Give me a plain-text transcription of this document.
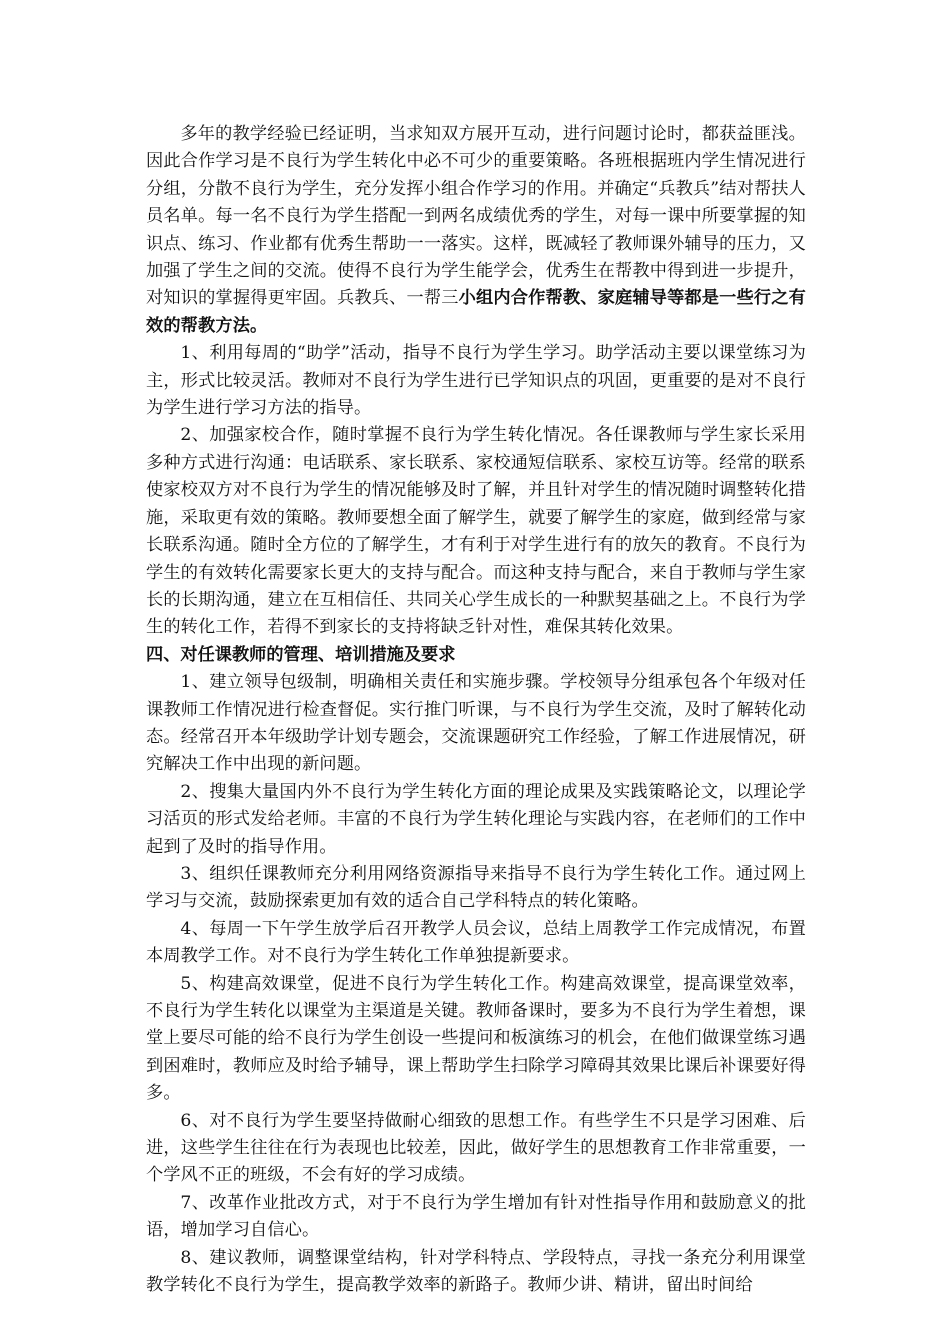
多年的教学经验已经证明，当求知双方展开互动，进行问题讨论时，都获益匪浅。因此合作学习是不良行为学生转化中必不可少的重要策略。各班根据班内学生情况进行分组，分散不良行为学生，充分发挥小组合作学习的作用。并确定“兵教兵”结对帮扶人员名单。每一名不良行为学生搭配一到两名成绩优秀的学生，对每一课中所要掌握的知识点、练习、作业都有优秀生帮助一一落实。这样，既减轻了教师课外辅导的压力，又加强了学生之间的交流。使得不良行为学生能学会，优秀生在帮教中得到进一步提升，对知识的掌握得更牢固。兵教兵、一帮三小组内合作帮教、家庭辅导等都是一些行之有效的帮教方法。

1、利用每周的“助学”活动，指导不良行为学生学习。助学活动主要以课堂练习为主，形式比较灵活。教师对不良行为学生进行已学知识点的巩固，更重要的是对不良行为学生进行学习方法的指导。

2、加强家校合作，随时掌握不良行为学生转化情况。各任课教师与学生家长采用多种方式进行沟通：电话联系、家长联系、家校通短信联系、家校互访等。经常的联系使家校双方对不良行为学生的情况能够及时了解，并且针对学生的情况随时调整转化措施，采取更有效的策略。教师要想全面了解学生，就要了解学生的家庭，做到经常与家长联系沟通。随时全方位的了解学生，才有利于对学生进行有的放矢的教育。不良行为学生的有效转化需要家长更大的支持与配合。而这种支持与配合，来自于教师与学生家长的长期沟通，建立在互相信任、共同关心学生成长的一种默契基础之上。不良行为学生的转化工作，若得不到家长的支持将缺乏针对性，难保其转化效果。

四、对任课教师的管理、培训措施及要求

1、建立领导包级制，明确相关责任和实施步骤。学校领导分组承包各个年级对任课教师工作情况进行检查督促。实行推门听课，与不良行为学生交流，及时了解转化动态。经常召开本年级助学计划专题会，交流课题研究工作经验，了解工作进展情况，研究解决工作中出现的新问题。

2、搜集大量国内外不良行为学生转化方面的理论成果及实践策略论文，以理论学习活页的形式发给老师。丰富的不良行为学生转化理论与实践内容，在老师们的工作中起到了及时的指导作用。

3、组织任课教师充分利用网络资源指导来指导不良行为学生转化工作。通过网上学习与交流，鼓励探索更加有效的适合自己学科特点的转化策略。

4、每周一下午学生放学后召开教学人员会议，总结上周教学工作完成情况，布置本周教学工作。对不良行为学生转化工作单独提新要求。

5、构建高效课堂，促进不良行为学生转化工作。构建高效课堂，提高课堂效率，不良行为学生转化以课堂为主渠道是关键。教师备课时，要多为不良行为学生着想，课堂上要尽可能的给不良行为学生创设一些提问和板演练习的机会，在他们做课堂练习遇到困难时，教师应及时给予辅导，课上帮助学生扫除学习障碍其效果比课后补课要好得多。

6、对不良行为学生要坚持做耐心细致的思想工作。有些学生不只是学习困难、后进，这些学生往往在行为表现也比较差，因此，做好学生的思想教育工作非常重要，一个学风不正的班级，不会有好的学习成绩。

7、改革作业批改方式，对于不良行为学生增加有针对性指导作用和鼓励意义的批语，增加学习自信心。

8、建议教师，调整课堂结构，针对学科特点、学段特点，寻找一条充分利用课堂教学转化不良行为学生，提高教学效率的新路子。教师少讲、精讲，留出时间给
